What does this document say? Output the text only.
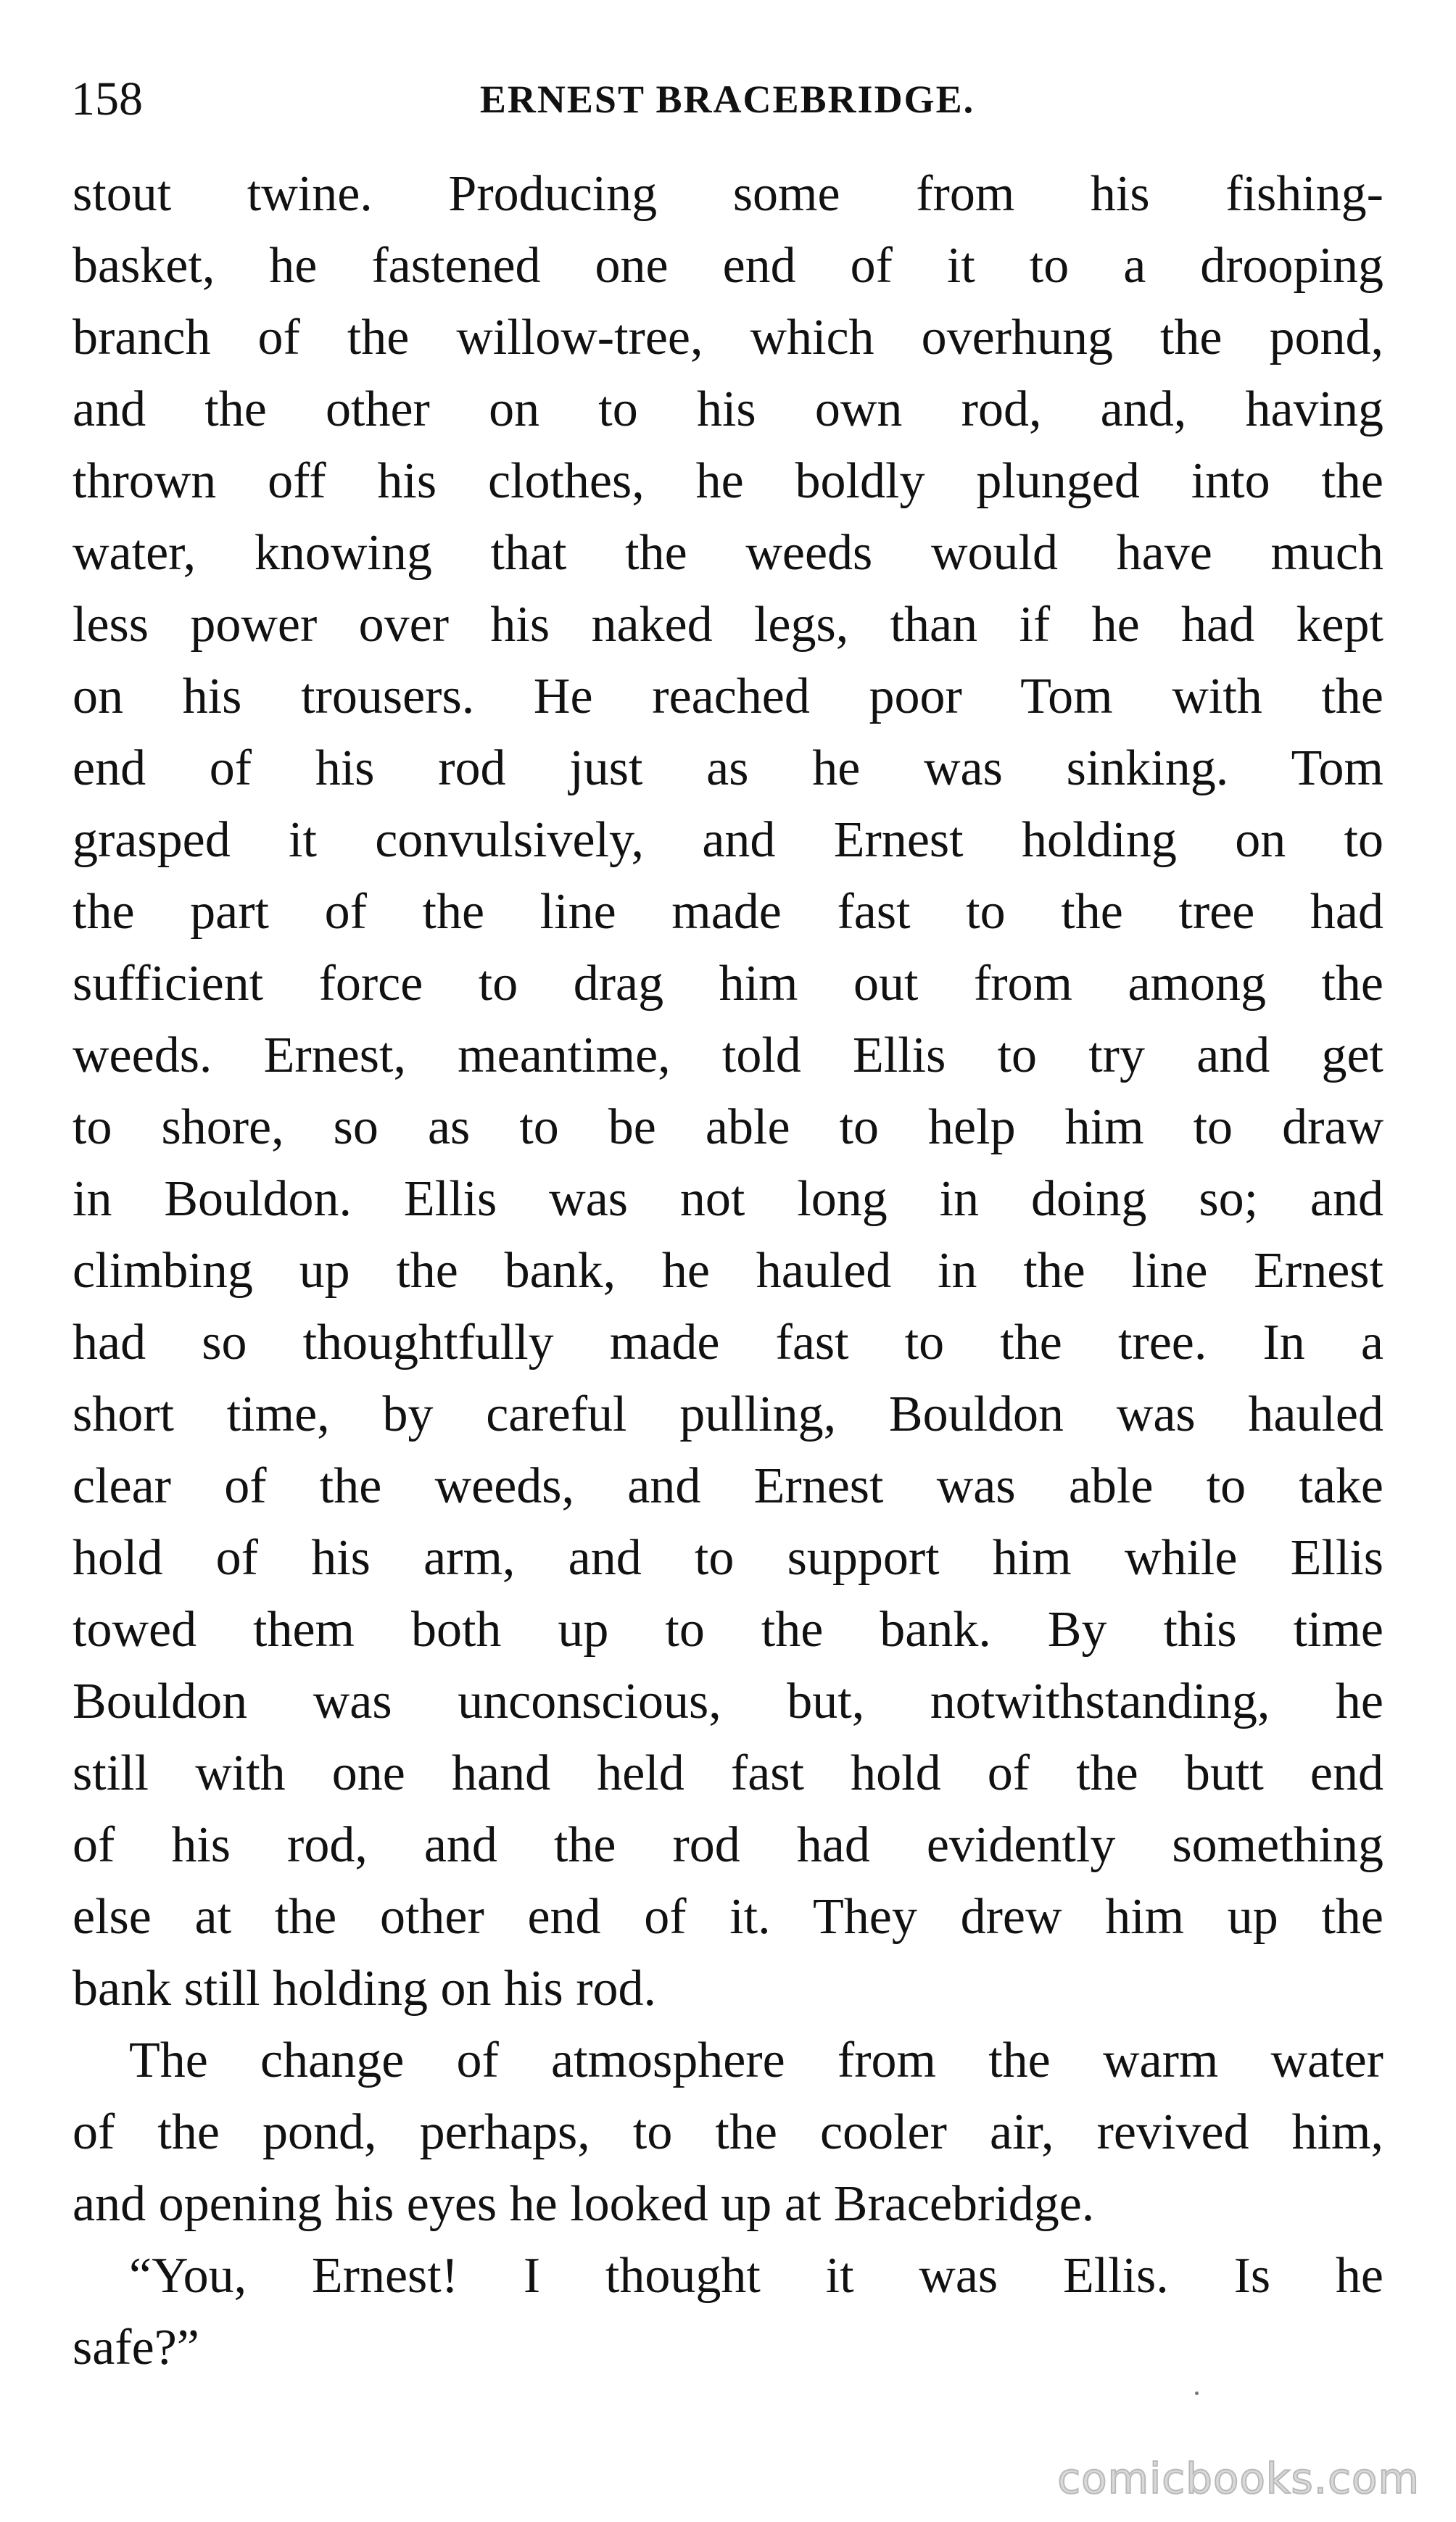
158	ERNEST BRACEBRIDGE.
stout twine. Producing some from his fishing-
basket, he fastened one end of it to a drooping
branch of the willow-tree, which overhung the pond,
and the other on to his own rod, and, having
thrown off his clothes, he boldly plunged into the
water, knowing that the weeds would have much
less power over his naked legs, than if he had kept
on his trousers. He reached poor Tom with the
end of his rod just as he was sinking. Tom
grasped it convulsively, and Ernest holding on to
the part of the line made fast to the tree had
sufficient force to drag him out from among the
weeds. Ernest, meantime, told Ellis to try and get
to shore, so as to be able to help him to draw
in Bouldon. Ellis was not long in doing so; and
climbing up the bank, he hauled in the line Ernest
had so thoughtfully made fast to the tree. In a
short time, by careful pulling, Bouldon was hauled
clear of the weeds, and Ernest was able to take
hold of his arm, and to support him while Ellis
towed them both up to the bank. By this time
Bouldon was unconscious, but, notwithstanding, he
still with one hand held fast hold of the butt end
of his rod, and the rod had evidently something
else at the other end of it. They drew him up the
bank still holding on his rod.
The change of atmosphere from the warm water
of the pond, perhaps, to the cooler air, revived him,
and opening his eyes he looked up at Bracebridge.
“You, Ernest! I thought it was Ellis. Is he
safe?”
comicbooks.com
